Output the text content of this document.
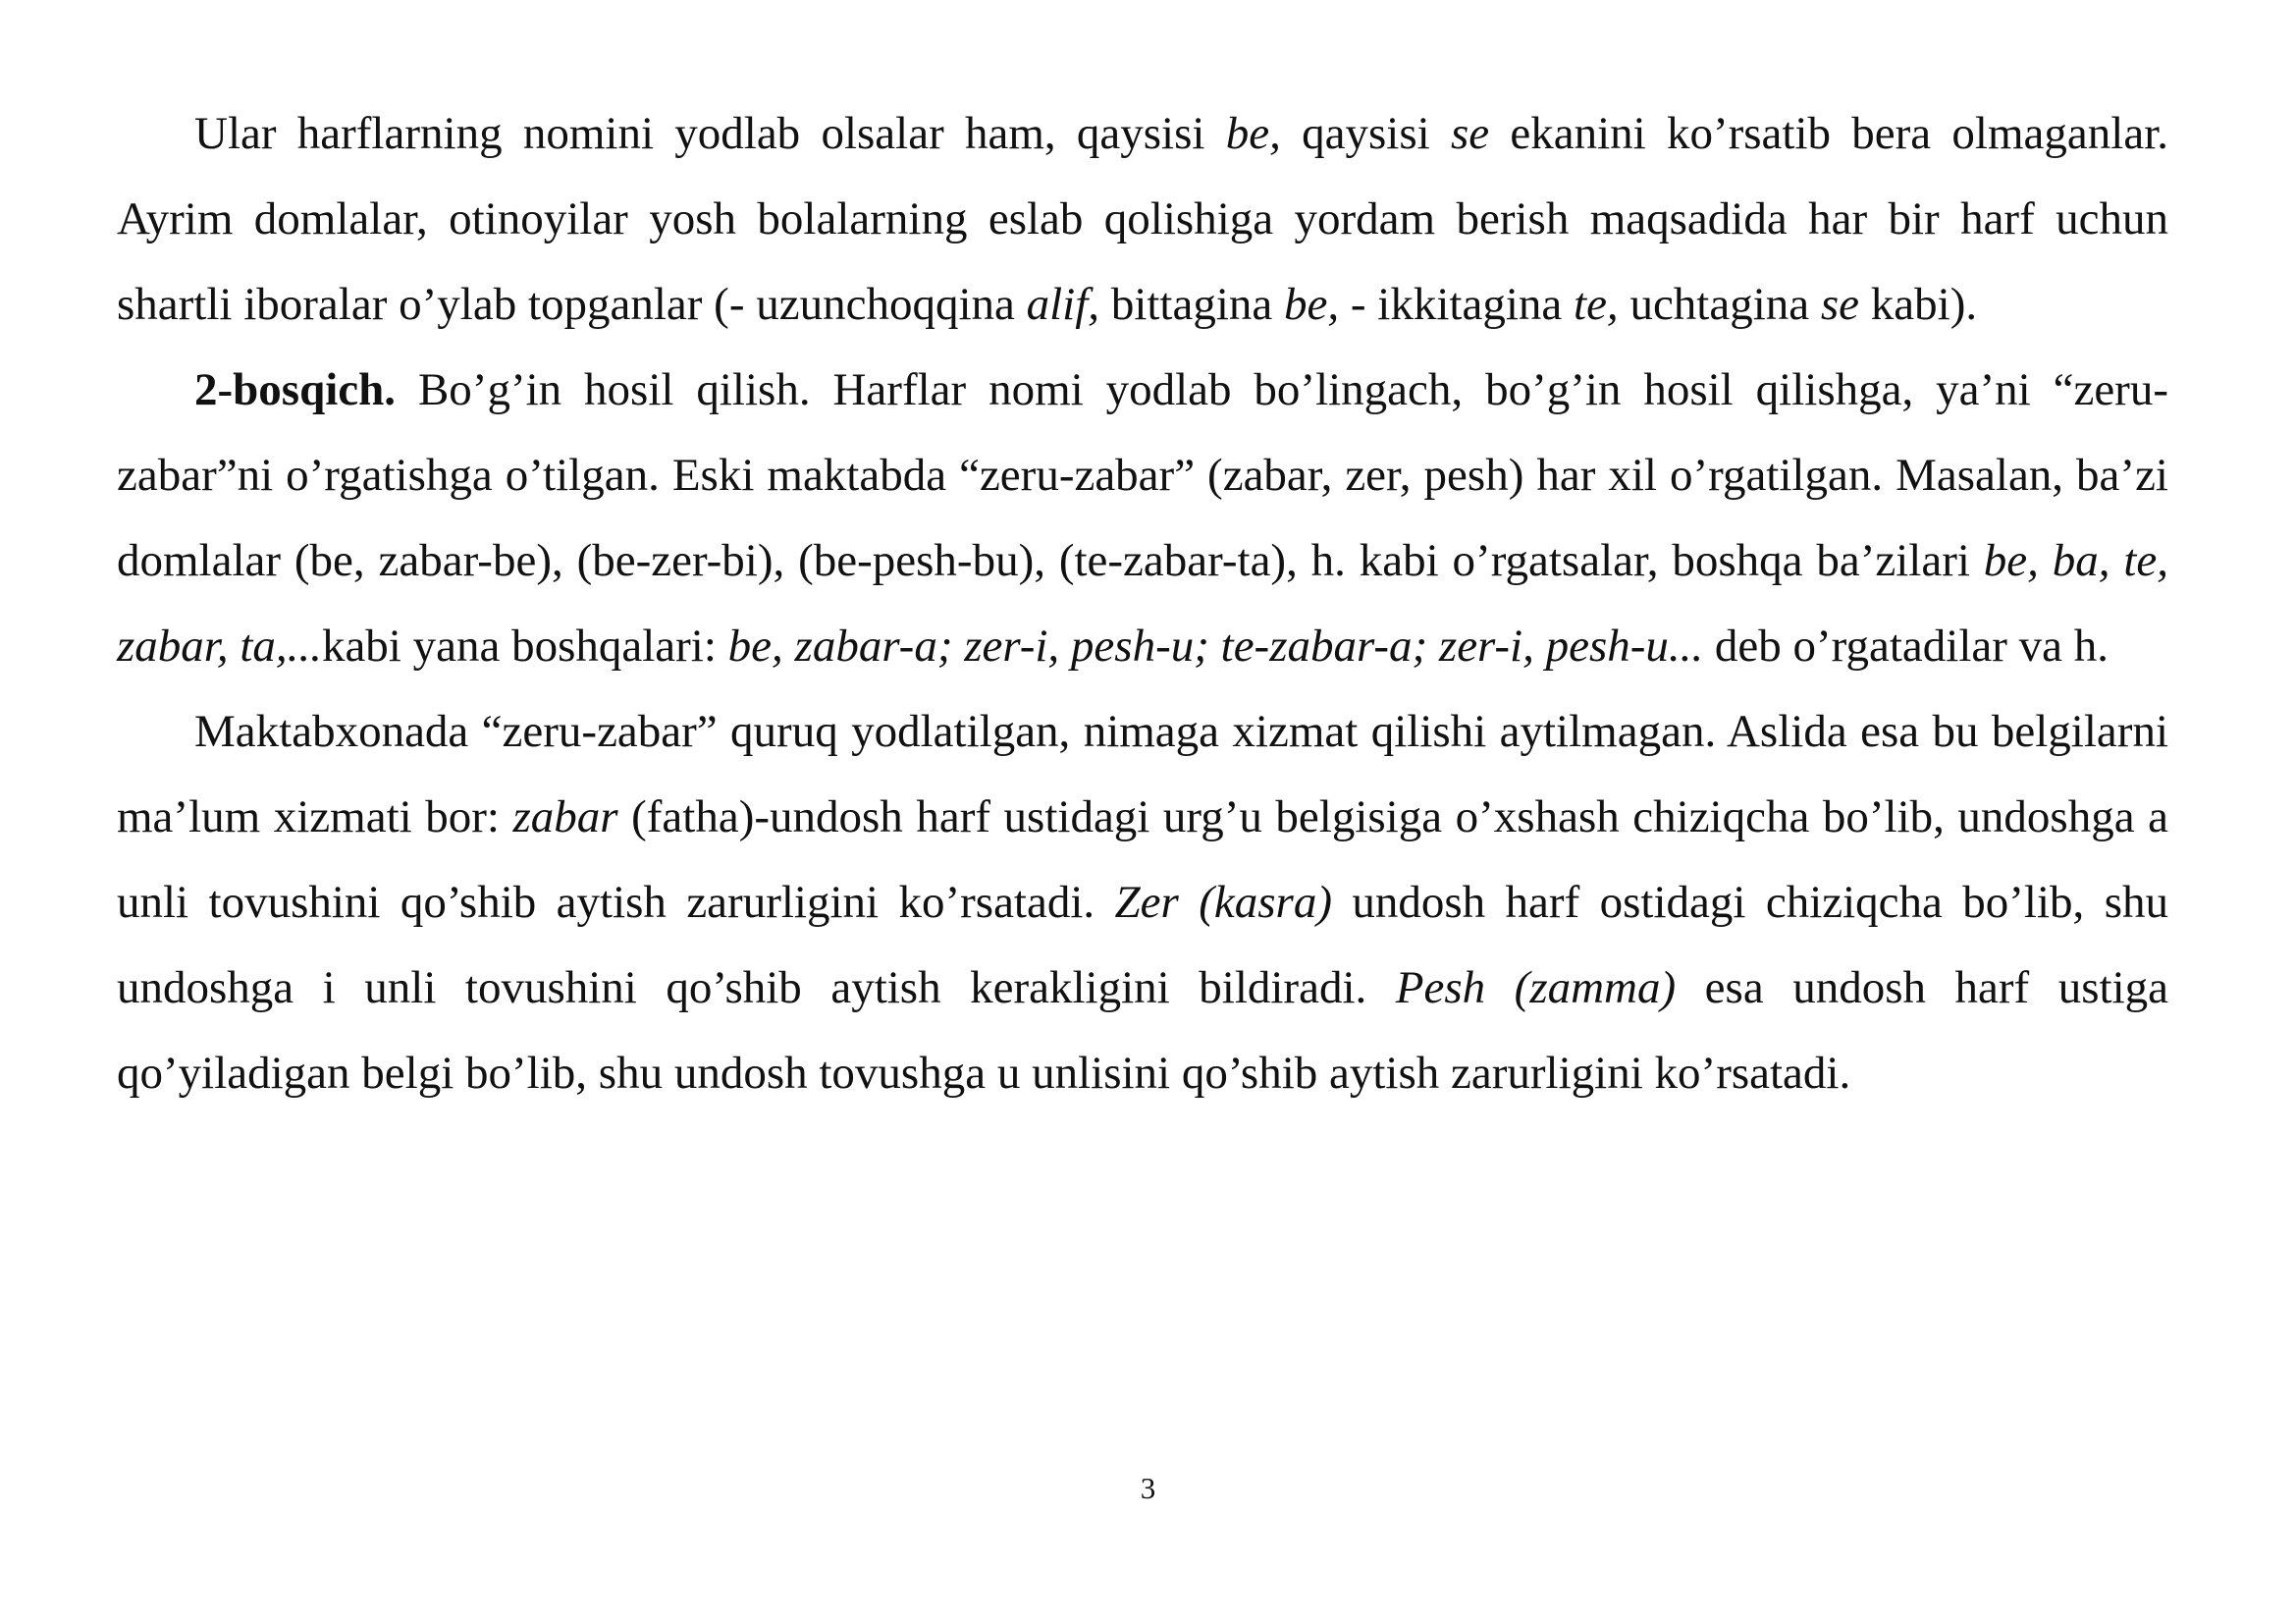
Ular harflarning nomini yodlab olsalar ham, qaysisi be, qaysisi se ekanini ko’rsatib bera olmaganlar. Ayrim domlalar, otinoyilar yosh bolalarning eslab qolishiga yordam berish maqsadida har bir harf uchun shartli iboralar o’ylab topganlar (- uzunchoqqina alif, bittagina be, - ikkitagina te, uchtagina se kabi).

2-bosqich. Bo’g’in hosil qilish. Harflar nomi yodlab bo’lingach, bo’g’in hosil qilishga, ya’ni “zeru-zabar”ni o’rgatishga o’tilgan. Eski maktabda “zeru-zabar” (zabar, zer, pesh) har xil o’rgatilgan. Masalan, ba’zi domlalar (be, zabar-be), (be-zer-bi), (be-pesh-bu), (te-zabar-ta), h. kabi o’rgatsalar, boshqa ba’zilari be, ba, te, zabar, ta,...kabi yana boshqalari: be, zabar-a; zer-i, pesh-u; te-zabar-a; zer-i, pesh-u... deb o’rgatadilar va h.

Maktabxonada “zeru-zabar” quruq yodlatilgan, nimaga xizmat qilishi aytilmagan. Aslida esa bu belgilarni ma’lum xizmati bor: zabar (fatha)-undosh harf ustidagi urg’u belgisiga o’xshash chiziqcha bo’lib, undoshga a unli tovushini qo’shib aytish zarurligini ko’rsatadi. Zer (kasra) undosh harf ostidagi chiziqcha bo’lib, shu undoshga i unli tovushini qo’shib aytish kerakligini bildiradi. Pesh (zamma) esa undosh harf ustiga qo’yiladigan belgi bo’lib, shu undosh tovushga u unlisini qo’shib aytish zarurligini ko’rsatadi.

3
